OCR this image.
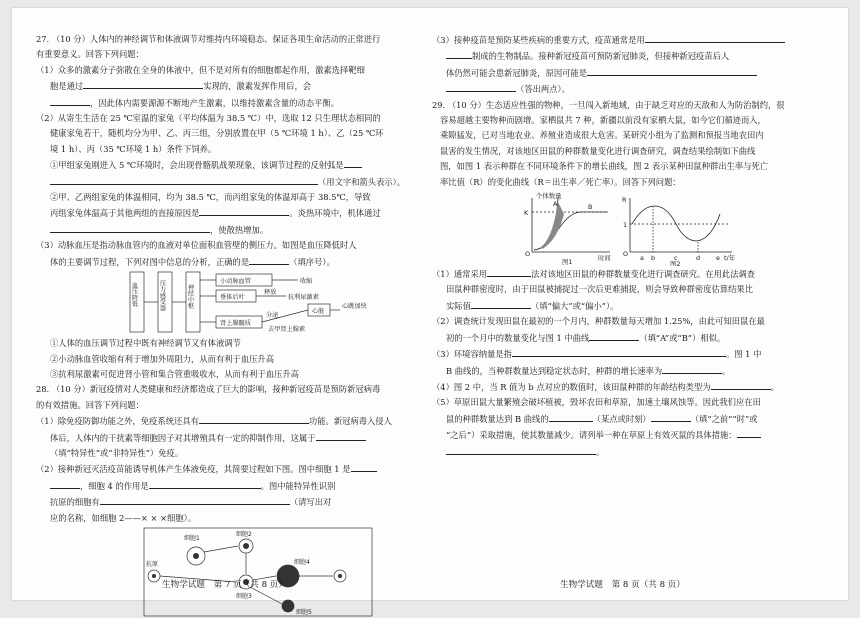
27. （10 分）人体内的神经调节和体液调节对维持内环境稳态、保证各项生命活动的正常进行

有重要意义。回答下列问题：

（1）众多的激素分子弥散在全身的体液中，但不是对所有的细胞都起作用，激素选择靶细

胞是通过	实现的，激素发挥作用后，会

，因此体内需要源源不断地产生激素，以维持激素含量的动态平衡。

（2）从寄生生活在 25 ℃室温的家兔（平均体温为 38.5 ℃）中，选取 12 只生理状态相同的

健康家兔若干，随机均分为甲、乙、丙三组，分别放置在甲（5 ℃环境 1 h）、乙（25 ℃环

境 1 h）、丙（35 ℃环境 1 h）条件下饲养。

①甲组家兔刚进入 5 ℃环境时，会出现骨骼肌战栗现象，该调节过程的反射弧是

（用文字和箭头表示）。

②甲、乙两组家兔的体温相同，均为 38.5 ℃，而丙组家兔的体温却高于 38.5℃，导致

丙组家兔体温高于其他两组的直接原因是	。炎热环境中，机体通过

，使散热增加。

（3）动脉血压是指动脉血管内的血液对单位面积血管壁的侧压力。如图是血压降低时人

体的主要调节过程，下列对图中信息的分析，正确的是	（填序号）。

血压降低	压力感受器	神经中枢
小动脉血管
垂体后叶
释放
抗利尿激素
肾上腺髓质
分泌
去甲肾上腺素
心脏
心跳加快
收缩

①人体的血压调节过程中既有神经调节又有体液调节

②小动脉血管收缩有利于增加外周阻力，从而有利于血压升高

③抗利尿激素可促进肾小管和集合管重吸收水，从而有利于血压升高

28. （10 分）新冠疫情对人类健康和经济都造成了巨大的影响，接种新冠疫苗是预防新冠病毒

的有效措施。回答下列问题：

（1）除免疫防御功能之外，免疫系统还具有	功能。新冠病毒入侵人

体后，人体内的干扰素等细胞因子对其增殖具有一定的抑制作用，这属于

（填“特异性”或“非特异性”）免疫。

（2）接种新冠灭活疫苗能诱导机体产生体液免疫，其简要过程如下图。图中细胞 1 是

，细胞 4 的作用是	。图中能特异性识别

抗原的细胞有	（请写出对

应的名称，如细胞 2——× × ×细胞）。

细胞1
细胞2
细胞3
细胞4
细胞5
抗原
生物学试题　第 7 页（共 8 页）

（3）接种疫苗是预防某些疾病的重要方式，疫苗通常是用

制成的生物制品。接种新冠疫苗可预防新冠肺炎，但接种新冠疫苗后人

体仍然可能会患新冠肺炎，原因可能是

（答出两点）。

29. （10 分）生态适应性强的物种，一旦闯入新地域，由于缺乏对应的天敌和人为防治制约，很

容易超越主要物种而剧增。家栖鼠共 7 种，新疆以前没有家栖大鼠，如今它们循迹而入，

乘隙猛发，已对当地农业、养殖业造成很大危害。某研究小组为了监测和预报当地农田内

鼠害的发生情况，对该地区田鼠的种群数量变化进行调查研究，调查结果绘制如下曲线

图，如图 1 表示种群在不同环境条件下的增长曲线，图 2 表示某种田鼠种群出生率与死亡

率比值（R）的变化曲线（R＝出生率／死亡率）。回答下列问题：

个体数量
K
A	B
O	时间
图1
R
1
O a b	c	d e t/年
图2

（1）通常采用	法对该地区田鼠的种群数量变化进行调查研究。在用此法调查

田鼠种群密度时，由于田鼠被捕捉过一次后更难捕捉，则会导致种群密度估算结果比

实际值	（填“偏大”或“偏小”）。

（2）调查统计发现田鼠在最初的一个月内，种群数量每天增加 1.25%，由此可知田鼠在最

初的一个月中的数量变化与图 1 中曲线	（填“A”或“B”）相似。

（3）环境容纳量是指	。图 1 中

B 曲线的，当种群数量达到稳定状态时，种群的增长速率为	。

（4）图 2 中，当 R 值为 b 点对应的数值时，该田鼠种群的年龄结构类型为	。

（5）草原田鼠大量繁殖会破坏植被，毁坏农田和草原，加速土壤风蚀等。因此我们应在田

鼠的种群数量达到 B 曲线的	（某点或时刻）	（填“之前”“时”或

“之后”）采取措施，使其数量减少。请列举一种在草原上有效灭鼠的具体措施：

。

生物学试题　第 8 页（共 8 页）
